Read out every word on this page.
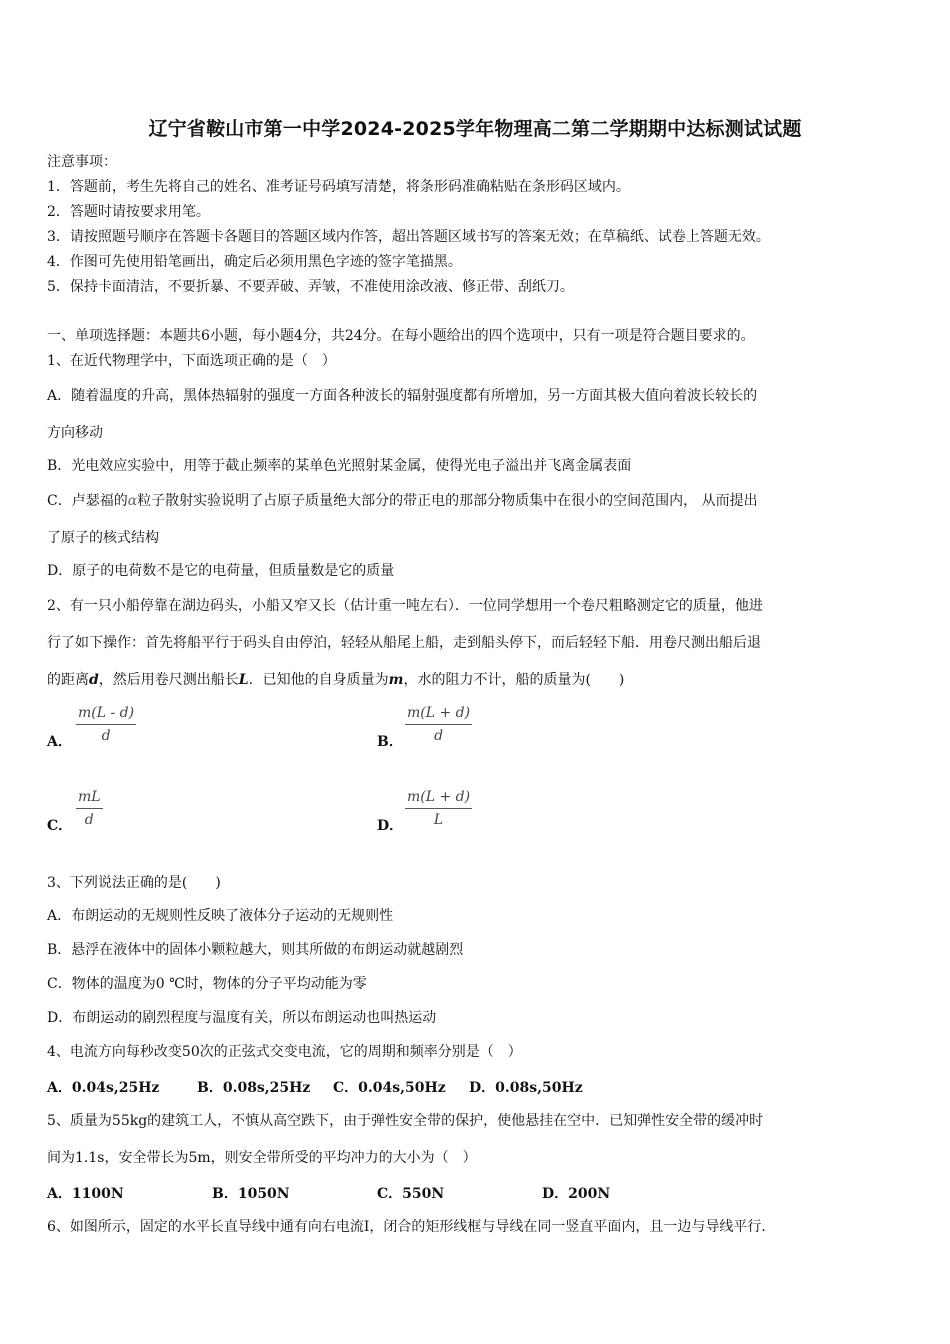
辽宁省鞍山市第一中学2024-2025学年物理高二第二学期期中达标测试试题
注意事项：
1．答题前，考生先将自己的姓名、准考证号码填写清楚，将条形码准确粘贴在条形码区域内。
2．答题时请按要求用笔。
3．请按照题号顺序在答题卡各题目的答题区域内作答，超出答题区域书写的答案无效；在草稿纸、试卷上答题无效。
4．作图可先使用铅笔画出，确定后必须用黑色字迹的签字笔描黑。
5．保持卡面清洁，不要折暴、不要弄破、弄皱，不准使用涂改液、修正带、刮纸刀。
一、单项选择题：本题共6小题，每小题4分，共24分。在每小题给出的四个选项中，只有一项是符合题目要求的。
1、在近代物理学中，下面选项正确的是（　）
A．随着温度的升高，黑体热辐射的强度一方面各种波长的辐射强度都有所增加，另一方面其极大值向着波长较长的
方向移动
B．光电效应实验中，用等于截止频率的某单色光照射某金属，使得光电子溢出并飞离金属表面
C．卢瑟福的α粒子散射实验说明了占原子质量绝大部分的带正电的那部分物质集中在很小的空间范围内， 从而提出
了原子的核式结构
D．原子的电荷数不是它的电荷量，但质量数是它的质量
2、有一只小船停靠在湖边码头，小船又窄又长（估计重一吨左右）．一位同学想用一个卷尺粗略测定它的质量，他进
行了如下操作：首先将船平行于码头自由停泊，轻轻从船尾上船，走到船头停下，而后轻轻下船．用卷尺测出船后退
的距离d，然后用卷尺测出船长L．已知他的自身质量为m，水的阻力不计，船的质量为(　　)
A． $\frac{m(L - d)}{d}$	B． $\frac{m(L + d)}{d}$
C． $\frac{mL}{d}$	D． $\frac{m(L + d)}{L}$
3、下列说法正确的是(　　)
A．布朗运动的无规则性反映了液体分子运动的无规则性
B．悬浮在液体中的固体小颗粒越大，则其所做的布朗运动就越剧烈
C．物体的温度为0 ℃时，物体的分子平均动能为零
D．布朗运动的剧烈程度与温度有关，所以布朗运动也叫热运动
4、电流方向每秒改变50次的正弦式交变电流，它的周期和频率分别是（　）
A．0.04s,25Hz	B．0.08s,25Hz C．0.04s,50Hz D．0.08s,50Hz
5、质量为55kg的建筑工人，不慎从高空跌下，由于弹性安全带的保护，使他悬挂在空中．已知弹性安全带的缓冲时
间为1.1s，安全带长为5m，则安全带所受的平均冲力的大小为（　）
A．1100N	B．1050N	C．550N	D．200N
6、如图所示，固定的水平长直导线中通有向右电流I，闭合的矩形线框与导线在同一竖直平面内，且一边与导线平行．
